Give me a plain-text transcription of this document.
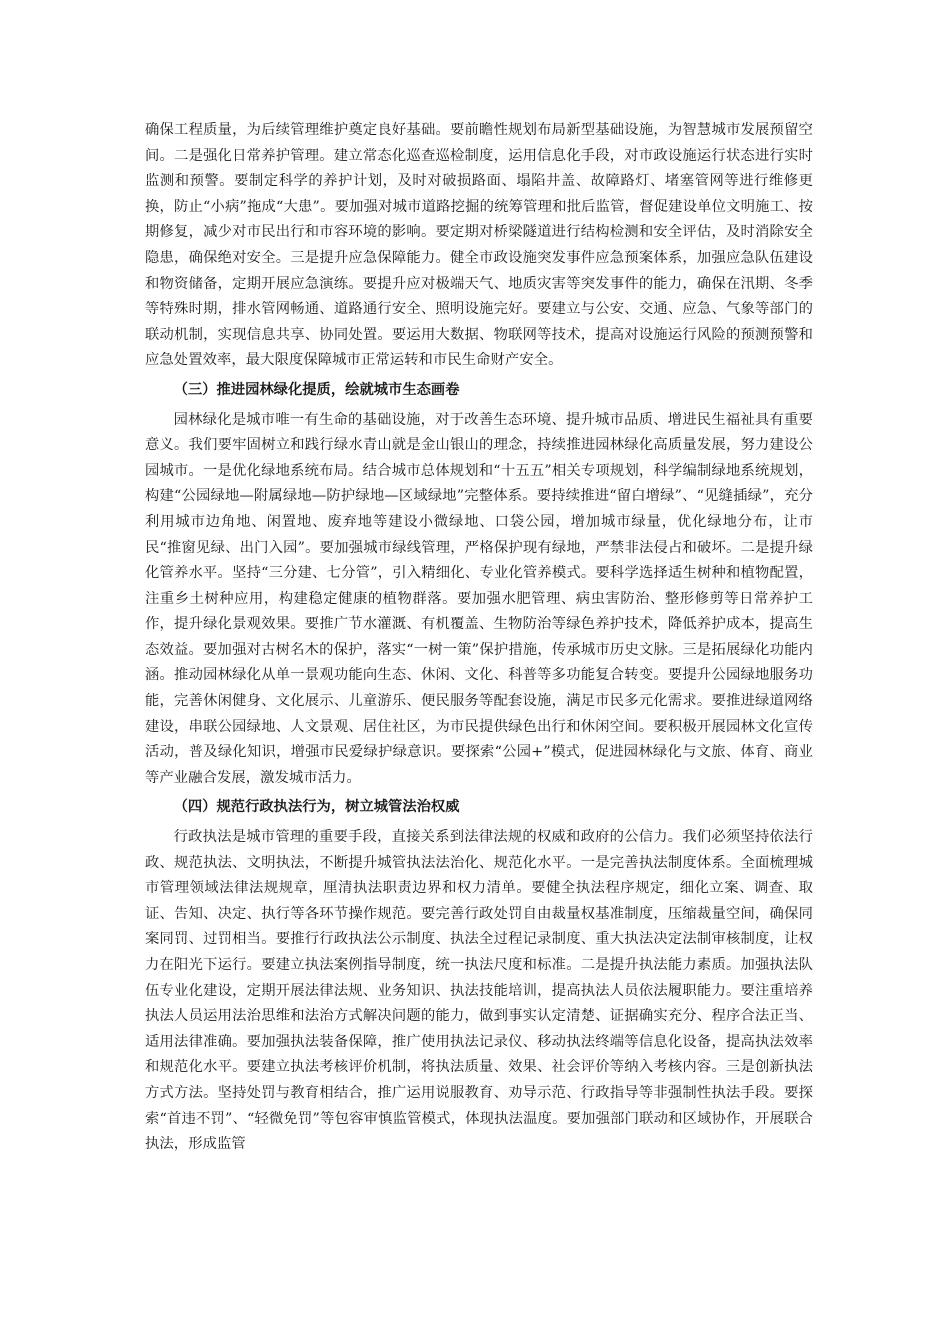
确保工程质量，为后续管理维护奠定良好基础。要前瞻性规划布局新型基础设施，为智慧城市发展预留空间。二是强化日常养护管理。建立常态化巡查巡检制度，运用信息化手段，对市政设施运行状态进行实时监测和预警。要制定科学的养护计划，及时对破损路面、塌陷井盖、故障路灯、堵塞管网等进行维修更换，防止“小病”拖成“大患”。要加强对城市道路挖掘的统筹管理和批后监管，督促建设单位文明施工、按期修复，减少对市民出行和市容环境的影响。要定期对桥梁隧道进行结构检测和安全评估，及时消除安全隐患，确保绝对安全。三是提升应急保障能力。健全市政设施突发事件应急预案体系，加强应急队伍建设和物资储备，定期开展应急演练。要提升应对极端天气、地质灾害等突发事件的能力，确保在汛期、冬季等特殊时期，排水管网畅通、道路通行安全、照明设施完好。要建立与公安、交通、应急、气象等部门的联动机制，实现信息共享、协同处置。要运用大数据、物联网等技术，提高对设施运行风险的预测预警和应急处置效率，最大限度保障城市正常运转和市民生命财产安全。

（三）推进园林绿化提质，绘就城市生态画卷

园林绿化是城市唯一有生命的基础设施，对于改善生态环境、提升城市品质、增进民生福祉具有重要意义。我们要牢固树立和践行绿水青山就是金山银山的理念，持续推进园林绿化高质量发展，努力建设公园城市。一是优化绿地系统布局。结合城市总体规划和“十五五”相关专项规划，科学编制绿地系统规划，构建“公园绿地—附属绿地—防护绿地—区域绿地”完整体系。要持续推进“留白增绿”、“见缝插绿”，充分利用城市边角地、闲置地、废弃地等建设小微绿地、口袋公园，增加城市绿量，优化绿地分布，让市民“推窗见绿、出门入园”。要加强城市绿线管理，严格保护现有绿地，严禁非法侵占和破坏。二是提升绿化管养水平。坚持“三分建、七分管”，引入精细化、专业化管养模式。要科学选择适生树种和植物配置，注重乡土树种应用，构建稳定健康的植物群落。要加强水肥管理、病虫害防治、整形修剪等日常养护工作，提升绿化景观效果。要推广节水灌溉、有机覆盖、生物防治等绿色养护技术，降低养护成本，提高生态效益。要加强对古树名木的保护，落实“一树一策”保护措施，传承城市历史文脉。三是拓展绿化功能内涵。推动园林绿化从单一景观功能向生态、休闲、文化、科普等多功能复合转变。要提升公园绿地服务功能，完善休闲健身、文化展示、儿童游乐、便民服务等配套设施，满足市民多元化需求。要推进绿道网络建设，串联公园绿地、人文景观、居住社区，为市民提供绿色出行和休闲空间。要积极开展园林文化宣传活动，普及绿化知识，增强市民爱绿护绿意识。要探索“公园+”模式，促进园林绿化与文旅、体育、商业等产业融合发展，激发城市活力。

（四）规范行政执法行为，树立城管法治权威

行政执法是城市管理的重要手段，直接关系到法律法规的权威和政府的公信力。我们必须坚持依法行政、规范执法、文明执法，不断提升城管执法法治化、规范化水平。一是完善执法制度体系。全面梳理城市管理领域法律法规规章，厘清执法职责边界和权力清单。要健全执法程序规定，细化立案、调查、取证、告知、决定、执行等各环节操作规范。要完善行政处罚自由裁量权基准制度，压缩裁量空间，确保同案同罚、过罚相当。要推行行政执法公示制度、执法全过程记录制度、重大执法决定法制审核制度，让权力在阳光下运行。要建立执法案例指导制度，统一执法尺度和标准。二是提升执法能力素质。加强执法队伍专业化建设，定期开展法律法规、业务知识、执法技能培训，提高执法人员依法履职能力。要注重培养执法人员运用法治思维和法治方式解决问题的能力，做到事实认定清楚、证据确实充分、程序合法正当、适用法律准确。要加强执法装备保障，推广使用执法记录仪、移动执法终端等信息化设备，提高执法效率和规范化水平。要建立执法考核评价机制，将执法质量、效果、社会评价等纳入考核内容。三是创新执法方式方法。坚持处罚与教育相结合，推广运用说服教育、劝导示范、行政指导等非强制性执法手段。要探索“首违不罚”、“轻微免罚”等包容审慎监管模式，体现执法温度。要加强部门联动和区域协作，开展联合执法，形成监管
